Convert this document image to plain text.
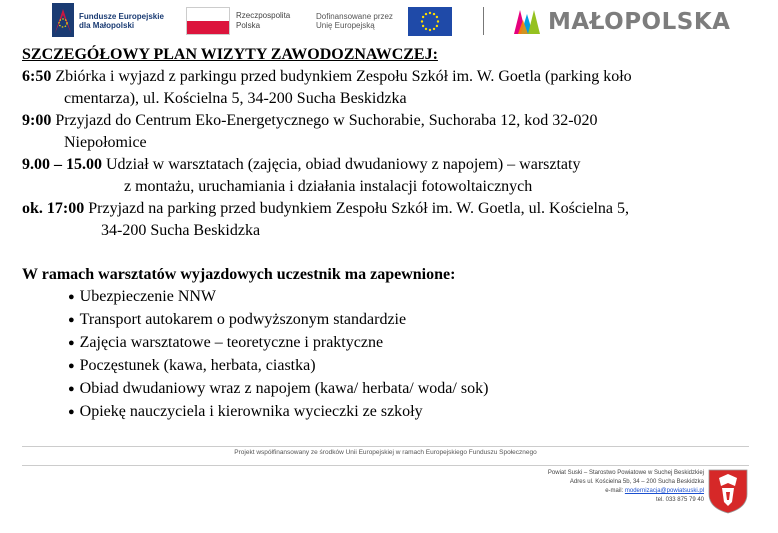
Fundusze Europejskie
dla Małopolski
Rzeczpospolita
Polska
Dofinansowane przez
Unię Europejską	MAŁOPOLSKA

SZCZEGÓŁOWY PLAN WIZYTY ZAWODOZNAWCZEJ:

6:50 Zbiórka i wyjazd z parkingu przed budynkiem Zespołu Szkół im. W. Goetla (parking koło
cmentarza), ul. Kościelna 5, 34-200 Sucha Beskidzka
9:00 Przyjazd do Centrum Eko-Energetycznego w Suchorabie, Suchoraba 12, kod 32-020
Niepołomice
9.00 – 15.00 Udział w warsztatach (zajęcia, obiad dwudaniowy z napojem) – warsztaty
z montażu, uruchamiania i działania instalacji fotowoltaicznych
ok. 17:00 Przyjazd na parking przed budynkiem Zespołu Szkół im. W. Goetla, ul. Kościelna 5,
34-200 Sucha Beskidzka
W ramach warsztatów wyjazdowych uczestnik ma zapewnione:
● Ubezpieczenie NNW
● Transport autokarem o podwyższonym standardzie
● Zajęcia warsztatowe – teoretyczne i praktyczne
● Poczęstunek (kawa, herbata, ciastka)
● Obiad dwudaniowy wraz z napojem (kawa/ herbata/ woda/ sok)
● Opiekę nauczyciela i kierownika wycieczki ze szkoły
Projekt współfinansowany ze środków Unii Europejskiej w ramach Europejskiego Funduszu Społecznego
Powiat Suski – Starostwo Powiatowe w Suchej Beskidzkiej
Adres ul. Kościelna 5b, 34 – 200 Sucha Beskidzka
e-mail: modernizacja@powiatsuski.pl
tel. 033 875 79 40
